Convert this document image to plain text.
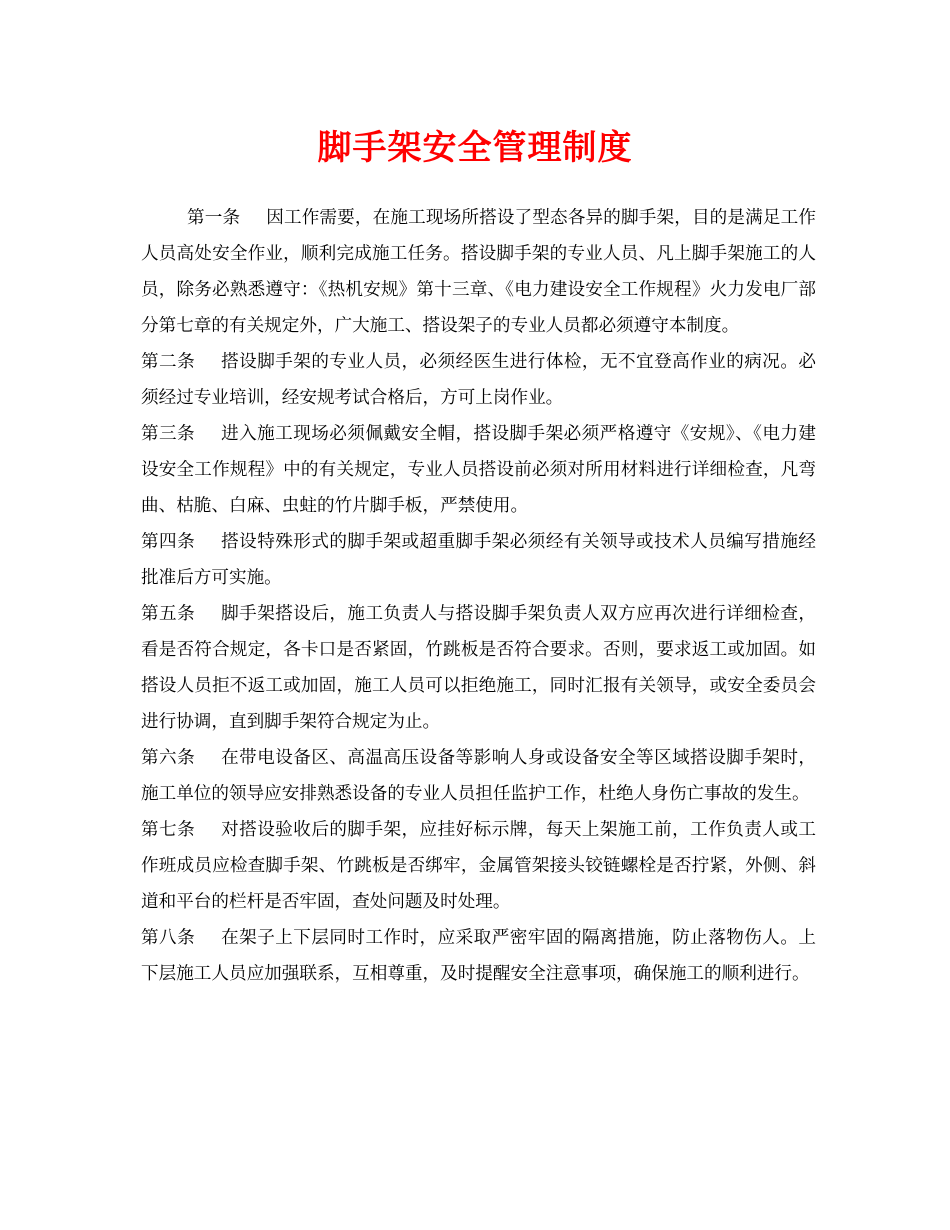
脚手架安全管理制度

第一条 因工作需要，在施工现场所搭设了型态各异的脚手架，目的是满足工作人员高处安全作业，顺利完成施工任务。搭设脚手架的专业人员、凡上脚手架施工的人员，除务必熟悉遵守：《热机安规》第十三章、《电力建设安全工作规程》火力发电厂部分第七章的有关规定外，广大施工、搭设架子的专业人员都必须遵守本制度。

第二条 搭设脚手架的专业人员，必须经医生进行体检，无不宜登高作业的病况。必须经过专业培训，经安规考试合格后，方可上岗作业。

第三条 进入施工现场必须佩戴安全帽，搭设脚手架必须严格遵守《安规》、《电力建设安全工作规程》中的有关规定，专业人员搭设前必须对所用材料进行详细检查，凡弯曲、枯脆、白麻、虫蛀的竹片脚手板，严禁使用。

第四条 搭设特殊形式的脚手架或超重脚手架必须经有关领导或技术人员编写措施经批准后方可实施。

第五条 脚手架搭设后，施工负责人与搭设脚手架负责人双方应再次进行详细检查，看是否符合规定，各卡口是否紧固，竹跳板是否符合要求。否则，要求返工或加固。如搭设人员拒不返工或加固，施工人员可以拒绝施工，同时汇报有关领导，或安全委员会进行协调，直到脚手架符合规定为止。

第六条 在带电设备区、高温高压设备等影响人身或设备安全等区域搭设脚手架时，施工单位的领导应安排熟悉设备的专业人员担任监护工作，杜绝人身伤亡事故的发生。

第七条 对搭设验收后的脚手架，应挂好标示牌，每天上架施工前，工作负责人或工作班成员应检查脚手架、竹跳板是否绑牢，金属管架接头铰链螺栓是否拧紧，外侧、斜道和平台的栏杆是否牢固，查处问题及时处理。

第八条 在架子上下层同时工作时，应采取严密牢固的隔离措施，防止落物伤人。上下层施工人员应加强联系，互相尊重，及时提醒安全注意事项，确保施工的顺利进行。
